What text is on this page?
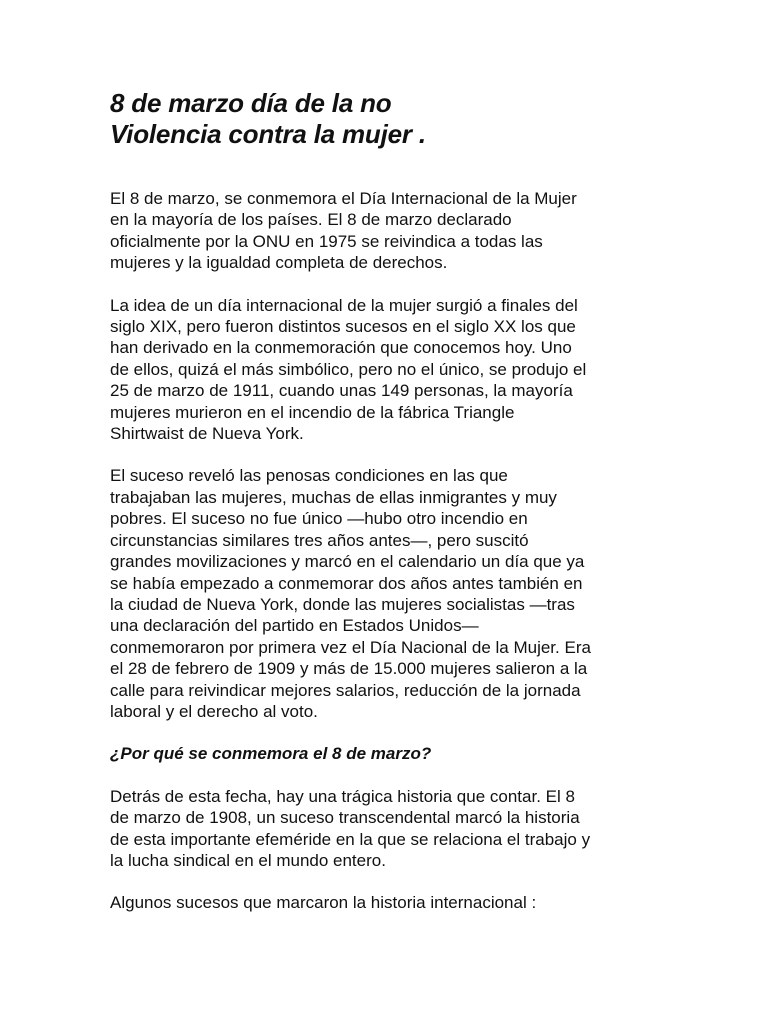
8 de marzo día de la no
Violencia contra la mujer .

El 8 de marzo, se conmemora el Día Internacional de la Mujer
en la mayoría de los países. El 8 de marzo declarado
oficialmente por la ONU en 1975 se reivindica a todas las
mujeres y la igualdad completa de derechos.

La idea de un día internacional de la mujer surgió a finales del
siglo XIX, pero fueron distintos sucesos en el siglo XX los que
han derivado en la conmemoración que conocemos hoy. Uno
de ellos, quizá el más simbólico, pero no el único, se produjo el
25 de marzo de 1911, cuando unas 149 personas, la mayoría
mujeres murieron en el incendio de la fábrica Triangle
Shirtwaist de Nueva York.

El suceso reveló las penosas condiciones en las que
trabajaban las mujeres, muchas de ellas inmigrantes y muy
pobres. El suceso no fue único —hubo otro incendio en
circunstancias similares tres años antes—, pero suscitó
grandes movilizaciones y marcó en el calendario un día que ya
se había empezado a conmemorar dos años antes también en
la ciudad de Nueva York, donde las mujeres socialistas —tras
una declaración del partido en Estados Unidos—
conmemoraron por primera vez el Día Nacional de la Mujer. Era
el 28 de febrero de 1909 y más de 15.000 mujeres salieron a la
calle para reivindicar mejores salarios, reducción de la jornada
laboral y el derecho al voto.

¿Por qué se conmemora el 8 de marzo?

Detrás de esta fecha, hay una trágica historia que contar. El 8
de marzo de 1908, un suceso transcendental marcó la historia
de esta importante efeméride en la que se relaciona el trabajo y
la lucha sindical en el mundo entero.

Algunos sucesos que marcaron la historia internacional :
